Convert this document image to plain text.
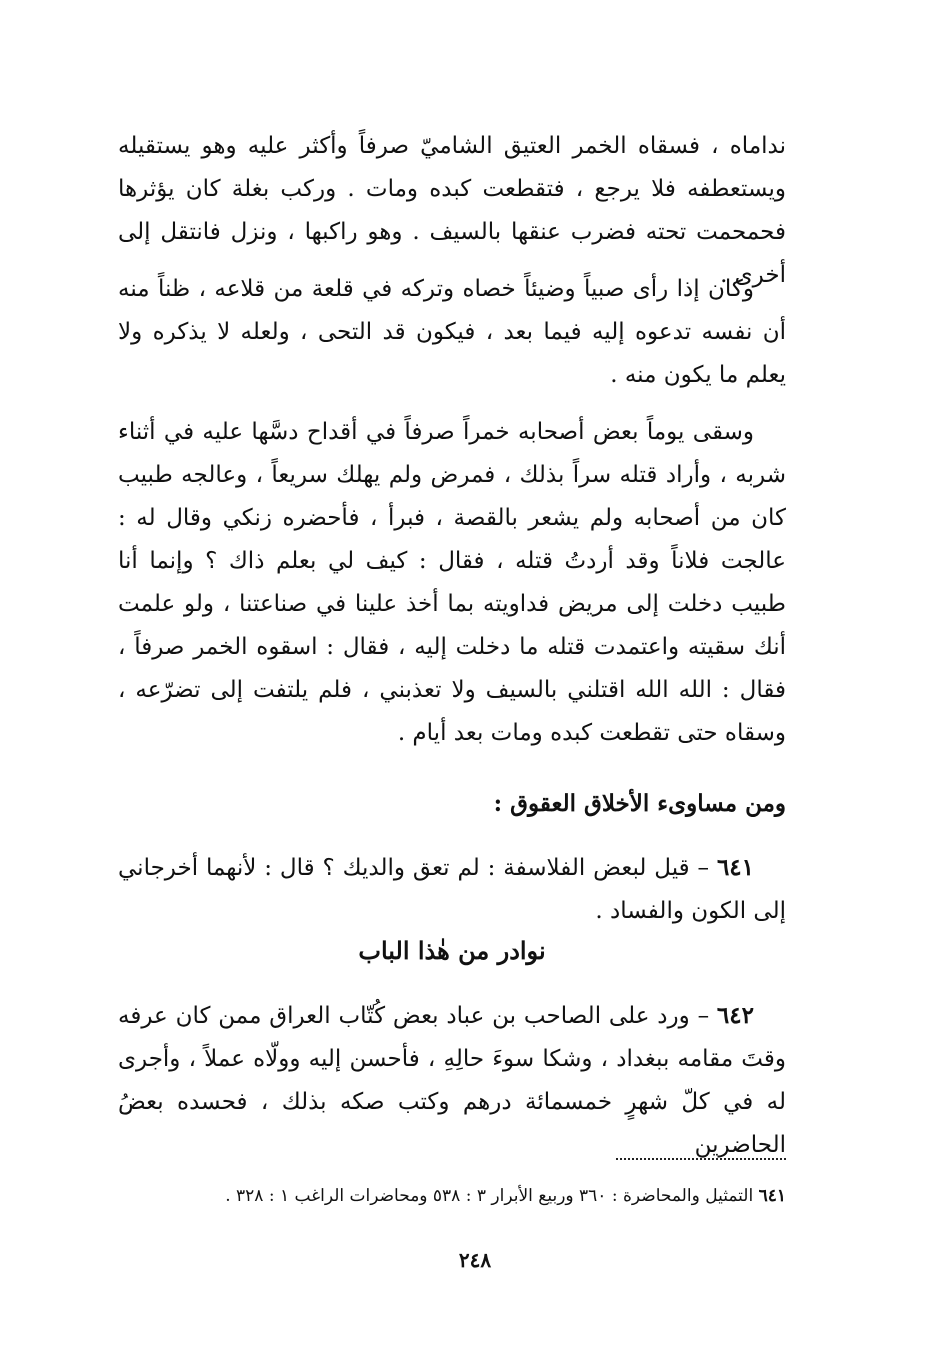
نداماه ، فسقاه الخمر العتيق الشاميّ صرفاً وأكثر عليه وهو يستقيله ويستعطفه فلا يرجع ، فتقطعت كبده ومات . وركب بغلة كان يؤثرها فحمحمت تحته فضرب عنقها بالسيف . وهو راكبها ، ونزل فانتقل إلى أخرى .

وكان إذا رأى صبياً وضيئاً خصاه وتركه في قلعة من قلاعه ، ظناً منه أن نفسه تدعوه إليه فيما بعد ، فيكون قد التحى ، ولعله لا يذكره ولا يعلم ما يكون منه .

وسقى يوماً بعض أصحابه خمراً صرفاً في أقداح دسَّها عليه في أثناء شربه ، وأراد قتله سراً بذلك ، فمرض ولم يهلك سريعاً ، وعالجه طبيب كان من أصحابه ولم يشعر بالقصة ، فبرأ ، فأحضره زنكي وقال له : عالجت فلاناً وقد أردتُ قتله ، فقال : كيف لي بعلم ذاك ؟ وإنما أنا طبيب دخلت إلى مريض فداويته بما أخذ علينا في صناعتنا ، ولو علمت أنك سقيته واعتمدت قتله ما دخلت إليه ، فقال : اسقوه الخمر صرفاً ، فقال : الله الله اقتلني بالسيف ولا تعذبني ، فلم يلتفت إلى تضرّعه ، وسقاه حتى تقطعت كبده ومات بعد أيام .

ومن مساوىء الأخلاق العقوق :

٦٤١ – قيل لبعض الفلاسفة : لم تعق والديك ؟ قال : لأنهما أخرجاني إلى الكون والفساد .

نوادر من هٰذا الباب

٦٤٢ – ورد على الصاحب بن عباد بعض كُتّاب العراق ممن كان عرفه وقتَ مقامه ببغداد ، وشكا سوءَ حالِهِ ، فأحسن إليه وولّاه عملاً ، وأجرى له في كلّ شهرٍ خمسمائة درهم وكتب صكه بذلك ، فحسده بعضُ الحاضرين

٦٤١ التمثيل والمحاضرة : ٣٦٠ وربيع الأبرار ٣ : ٥٣٨ ومحاضرات الراغب ١ : ٣٢٨ .
٢٤٨
